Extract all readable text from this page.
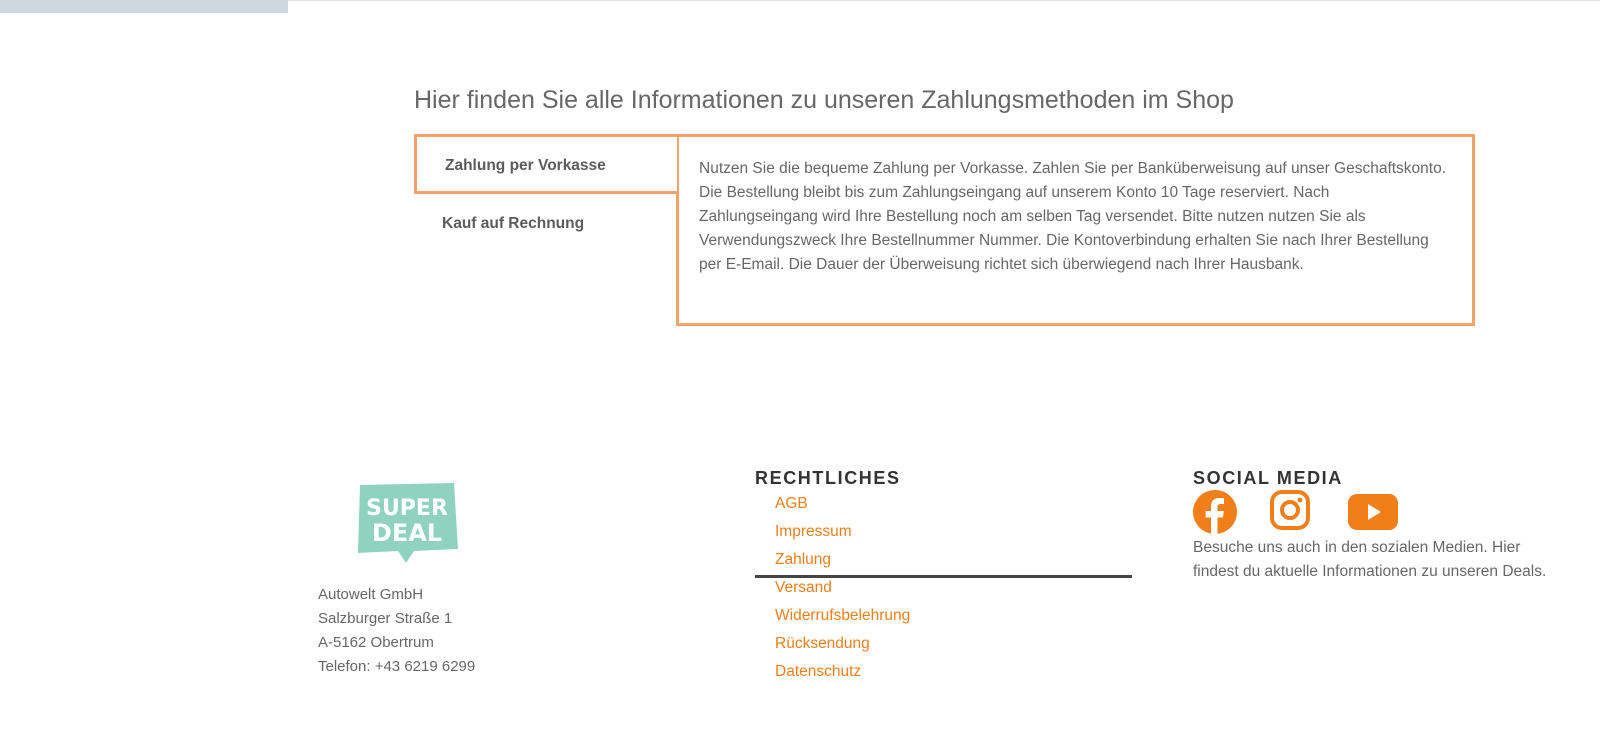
Hier finden Sie alle Informationen zu unseren Zahlungsmethoden im Shop
Nutzen Sie die bequeme Zahlung per Vorkasse. Zahlen Sie per Banküberweisung auf unser Geschaftskonto. Die Bestellung bleibt bis zum Zahlungseingang auf unserem Konto 10 Tage reserviert. Nach Zahlungseingang wird Ihre Bestellung noch am selben Tag versendet. Bitte nutzen nutzen Sie als Verwendungszweck Ihre Bestellnummer Nummer. Die Kontoverbindung erhalten Sie nach Ihrer Bestellung per E-Email. Die Dauer der Überweisung richtet sich überwiegend nach Ihrer Hausbank.
Zahlung per Vorkasse
Kauf auf Rechnung
SUPER
DEAL
Autowelt GmbH
Salzburger Straße 1
A-5162 Obertrum
Telefon: +43 6219 6299
RECHTLICHES
AGB
Impressum
Zahlung
Versand
Widerrufsbelehrung
Rücksendung
Datenschutz
SOCIAL MEDIA
Besuche uns auch in den sozialen Medien. Hier findest du aktuelle Informationen zu unseren Deals.
